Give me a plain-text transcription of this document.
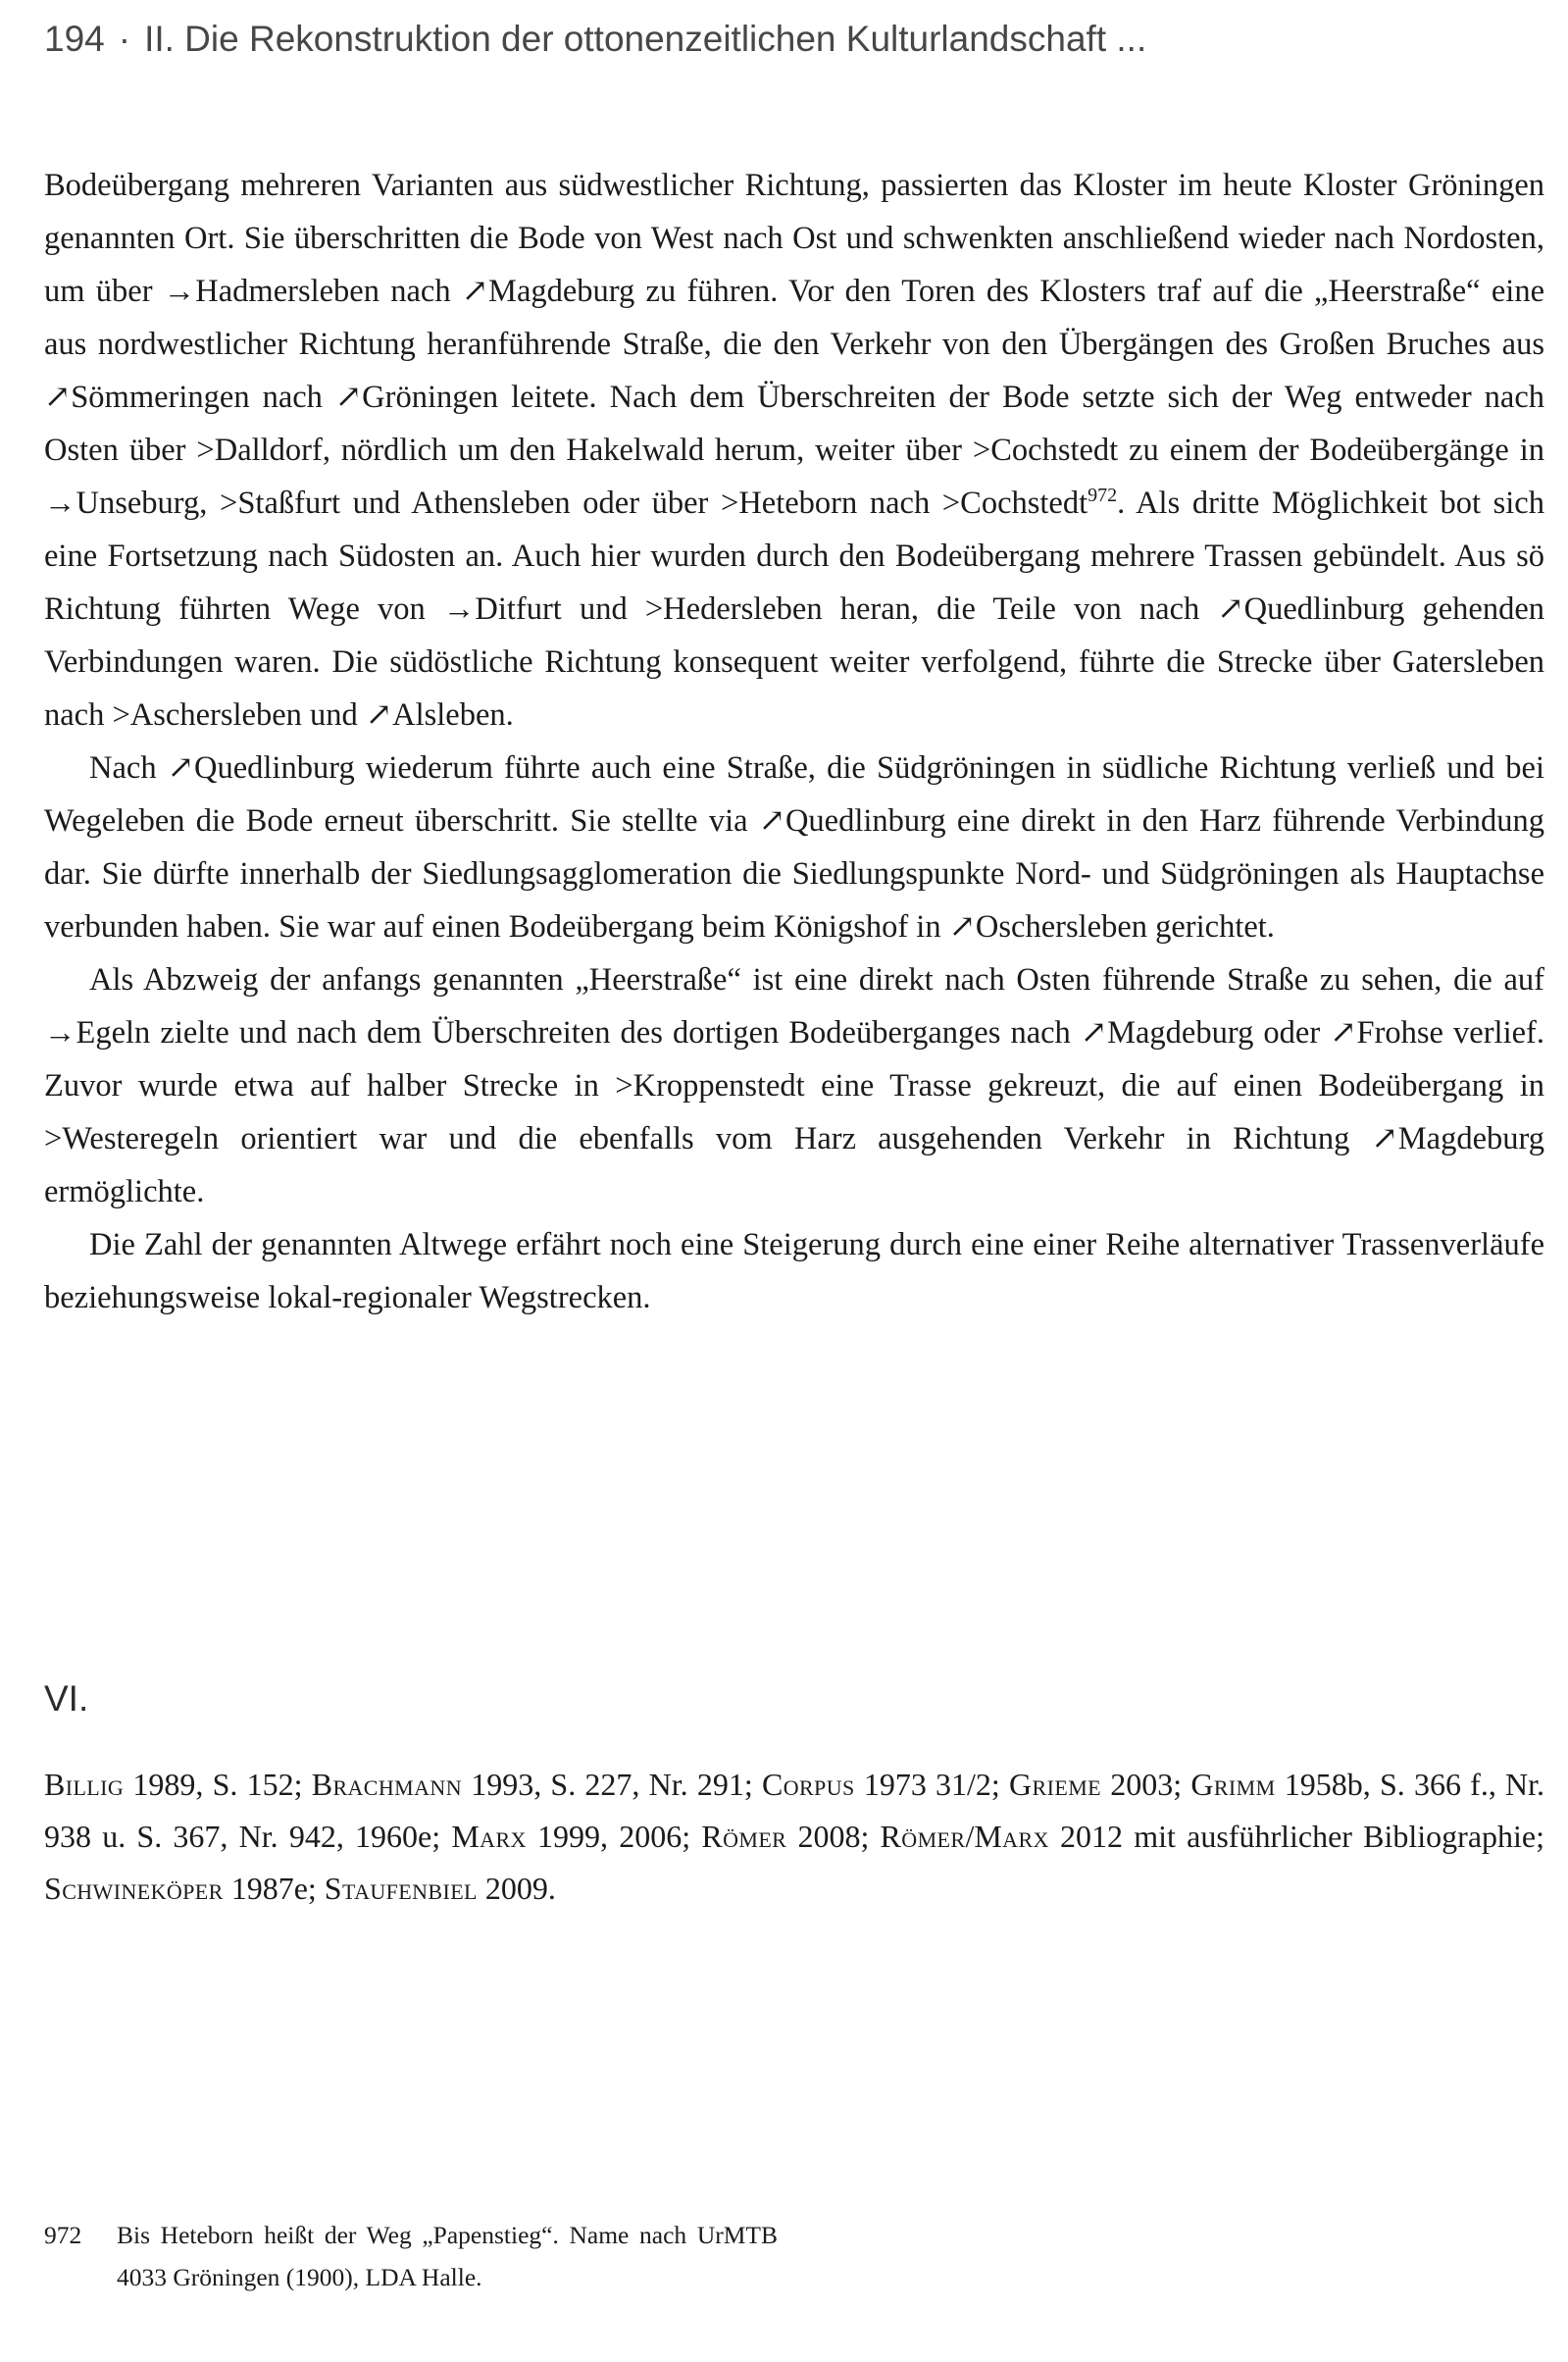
194 · II. Die Rekonstruktion der ottonenzeitlichen Kulturlandschaft ...

Bodeübergang mehreren Varianten aus südwestlicher Richtung, passierten das Kloster im heute Kloster Gröningen genannten Ort. Sie überschritten die Bode von West nach Ost und schwenkten anschließend wieder nach Nordosten, um über →Hadmersleben nach ↗Magdeburg zu führen. Vor den Toren des Klosters traf auf die „Heerstraße“ eine aus nordwestlicher Richtung heranführende Straße, die den Verkehr von den Übergängen des Großen Bruches aus ↗Sömmeringen nach ↗Gröningen leitete. Nach dem Überschreiten der Bode setzte sich der Weg entweder nach Osten über >Dalldorf, nördlich um den Hakelwald herum, weiter über >Cochstedt zu einem der Bodeübergänge in →Unseburg, >Staßfurt und Athensleben oder über >Heteborn nach >Cochstedt$^{972}$. Als dritte Möglichkeit bot sich eine Fortsetzung nach Südosten an. Auch hier wurden durch den Bodeübergang mehrere Trassen gebündelt. Aus sö Richtung führten Wege von →Ditfurt und >Hedersleben heran, die Teile von nach ↗Quedlinburg gehenden Verbindungen waren. Die südöstliche Richtung konsequent weiter verfolgend, führte die Strecke über Gatersleben nach >Aschersleben und ↗Alsleben.

Nach ↗Quedlinburg wiederum führte auch eine Straße, die Südgröningen in südliche Richtung verließ und bei Wegeleben die Bode erneut überschritt. Sie stellte via ↗Quedlinburg eine direkt in den Harz führende Verbindung dar. Sie dürfte innerhalb der Siedlungsagglomeration die Siedlungspunkte Nord- und Südgröningen als Hauptachse verbunden haben. Sie war auf einen Bodeübergang beim Königshof in ↗Oschersleben gerichtet.

Als Abzweig der anfangs genannten „Heerstraße“ ist eine direkt nach Osten führende Straße zu sehen, die auf →Egeln zielte und nach dem Überschreiten des dortigen Bodeüberganges nach ↗Magdeburg oder ↗Frohse verlief. Zuvor wurde etwa auf halber Strecke in >Kroppenstedt eine Trasse gekreuzt, die auf einen Bodeübergang in >Westeregeln orientiert war und die ebenfalls vom Harz ausgehenden Verkehr in Richtung ↗Magdeburg ermöglichte.

Die Zahl der genannten Altwege erfährt noch eine Steigerung durch eine einer Reihe alternativer Trassenverläufe beziehungsweise lokal-regionaler Wegstrecken.

VI.

Billig 1989, S. 152; Brachmann 1993, S. 227, Nr. 291; Corpus 1973 31/2; Grieme 2003; Grimm 1958b, S. 366 f., Nr. 938 u. S. 367, Nr. 942, 1960e; Marx 1999, 2006; Römer 2008; Römer/Marx 2012 mit ausführlicher Bibliographie; Schwineköper 1987e; Staufenbiel 2009.

972	Bis Heteborn heißt der Weg „Papenstieg“. Name nach UrMTB 4033 Gröningen (1900), LDA Halle.
